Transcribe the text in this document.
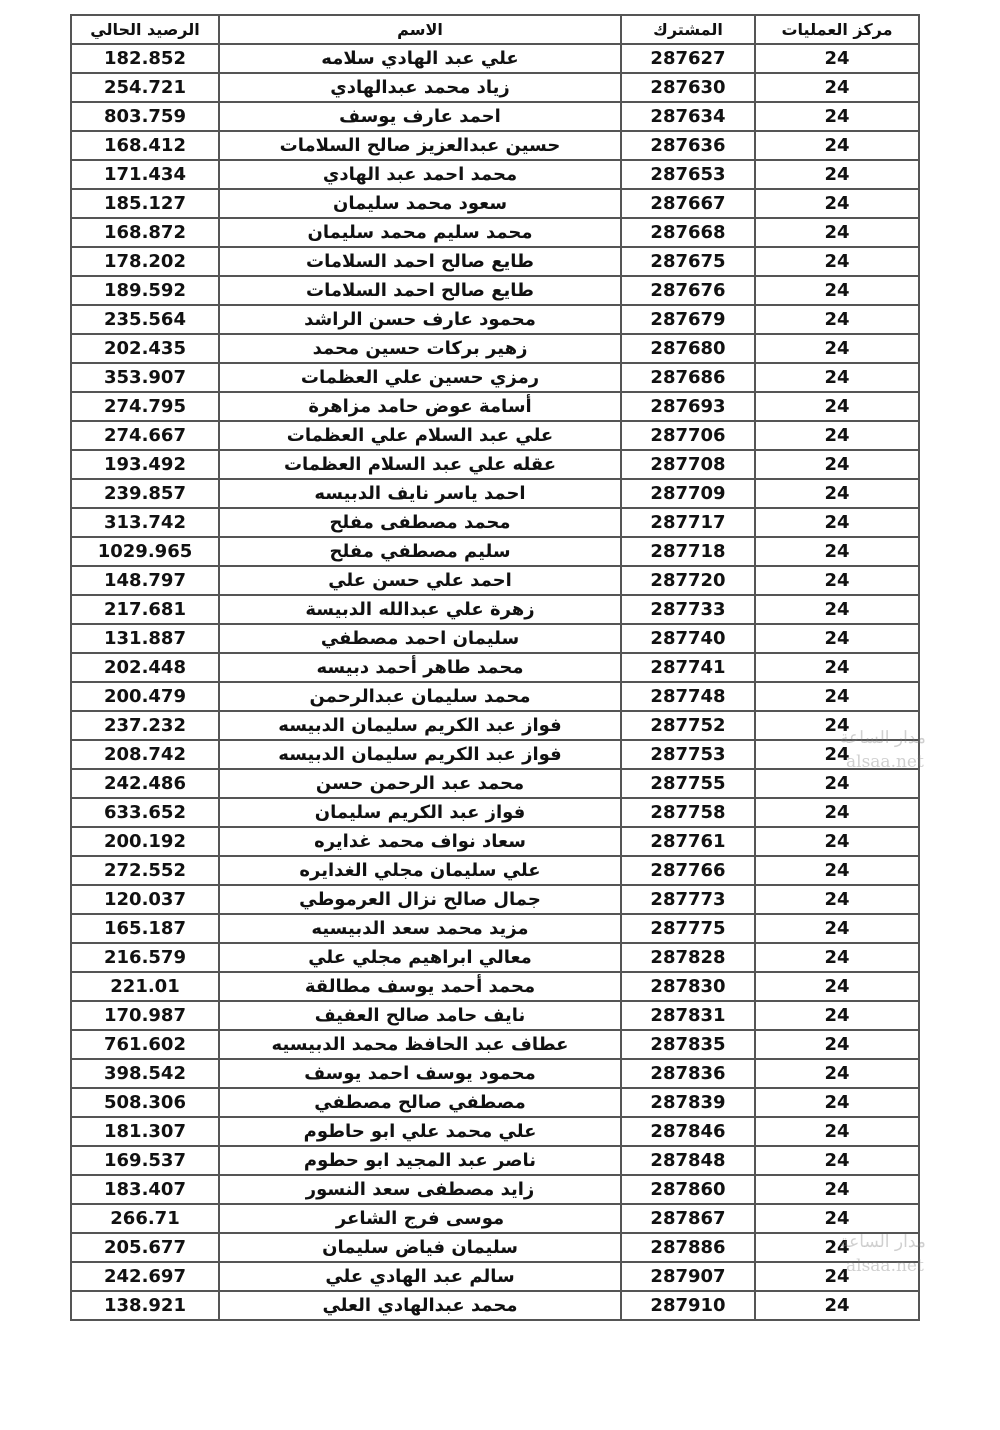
الرصيد الحالي	الاسم	المشترك	مركز العمليات
182.852	علي عبد الهادي سلامه	287627	24
254.721	زياد محمد عبدالهادي	287630	24
803.759	احمد عارف يوسف	287634	24
168.412	حسين عبدالعزيز صالح السلامات	287636	24
171.434	محمد احمد عبد الهادي	287653	24
185.127	سعود محمد سليمان	287667	24
168.872	محمد سليم محمد سليمان	287668	24
178.202	طايع صالح احمد السلامات	287675	24
189.592	طايع صالح احمد السلامات	287676	24
235.564	محمود عارف حسن الراشد	287679	24
202.435	زهير بركات حسين محمد	287680	24
353.907	رمزي حسين علي العظمات	287686	24
274.795	أسامة عوض حامد مزاهرة	287693	24
274.667	علي عبد السلام علي العظمات	287706	24
193.492	عقله علي عبد السلام العظمات	287708	24
239.857	احمد ياسر نايف الدبيسه	287709	24
313.742	محمد مصطفى مفلح	287717	24
1029.965	سليم مصطفي مفلح	287718	24
148.797	احمد علي حسن علي	287720	24
217.681	زهرة علي عبدالله الدبيسة	287733	24
131.887	سليمان احمد مصطفي	287740	24
202.448	محمد طاهر أحمد دبيسه	287741	24
200.479	محمد سليمان عبدالرحمن	287748	24
237.232	فواز عبد الكريم سليمان الدبيسه	287752	24
208.742	فواز عبد الكريم سليمان الدبيسه	287753	24
242.486	محمد عبد الرحمن حسن	287755	24
633.652	فواز عبد الكريم سليمان	287758	24
200.192	سعاد نواف محمد غدايره	287761	24
272.552	علي سليمان مجلي الغدايره	287766	24
120.037	جمال صالح نزال العرموطي	287773	24
165.187	مزيد محمد سعد الدبيسيه	287775	24
216.579	معالي ابراهيم مجلي علي	287828	24
221.01	محمد أحمد يوسف مطالقة	287830	24
170.987	نايف حامد صالح العفيف	287831	24
761.602	عطاف عبد الحافظ محمد الدبيسيه	287835	24
398.542	محمود يوسف احمد يوسف	287836	24
508.306	مصطفي صالح مصطفي	287839	24
181.307	علي محمد علي ابو حاطوم	287846	24
169.537	ناصر عبد المجيد ابو حطوم	287848	24
183.407	زايد مصطفى سعد النسور	287860	24
266.71	موسى فرج الشاعر	287867	24
205.677	سليمان فياض سليمان	287886	24
242.697	سالم عبد الهادي علي	287907	24
138.921	محمد عبدالهادي العلي	287910	24
مدار الساعة
alsaa.net
مدار الساعة
alsaa.net
